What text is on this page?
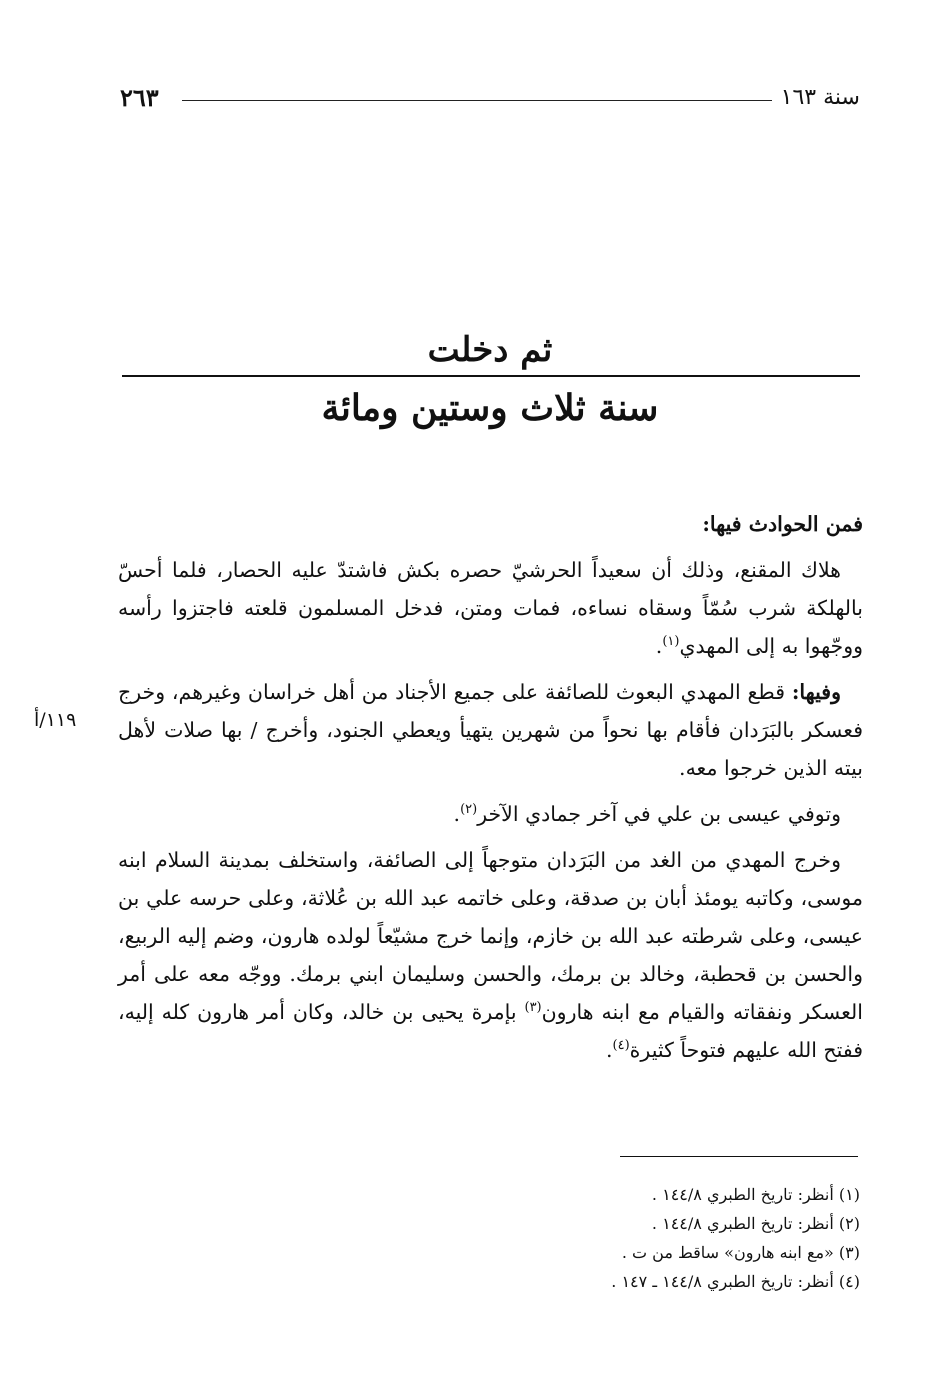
سنة ١٦٣
٢٦٣
ثم دخلت
سنة ثلاث وستين ومائة

فمن الحوادث فيها:

هلاك المقنع، وذلك أن سعيداً الحرشيّ حصره بكش فاشتدّ عليه الحصار، فلما أحسّ بالهلكة شرب سُمّاً وسقاه نساءه، فمات ومتن، فدخل المسلمون قلعته فاجتزوا رأسه ووجّهوا به إلى المهدي$^{(١)}$.

وفيها: قطع المهدي البعوث للصائفة على جميع الأجناد من أهل خراسان وغيرهم، وخرج فعسكر بالبَرَدان فأقام بها نحواً من شهرين يتهيأ ويعطي الجنود، وأخرج / بها صلات لأهل بيته الذين خرجوا معه.

وتوفي عيسى بن علي في آخر جمادي الآخر$^{(٢)}$.

وخرج المهدي من الغد من البَرَدان متوجهاً إلى الصائفة، واستخلف بمدينة السلام ابنه موسى، وكاتبه يومئذ أبان بن صدقة، وعلى خاتمه عبد الله بن عُلاثة، وعلى حرسه علي بن عيسى، وعلى شرطته عبد الله بن خازم، وإنما خرج مشيّعاً لولده هارون، وضم إليه الربيع، والحسن بن قحطبة، وخالد بن برمك، والحسن وسليمان ابني برمك. ووجّه معه على أمر العسكر ونفقاته والقيام مع ابنه هارون$^{(٣)}$ بإمرة يحيى بن خالد، وكان أمر هارون كله إليه، ففتح الله عليهم فتوحاً كثيرة$^{(٤)}$.

١١٩/أ
(١) أنظر: تاريخ الطبري ١٤٤/٨ .
(٢) أنظر: تاريخ الطبري ١٤٤/٨ .
(٣) «مع ابنه هارون» ساقط من ت .
(٤) أنظر: تاريخ الطبري ١٤٤/٨ ـ ١٤٧ .
